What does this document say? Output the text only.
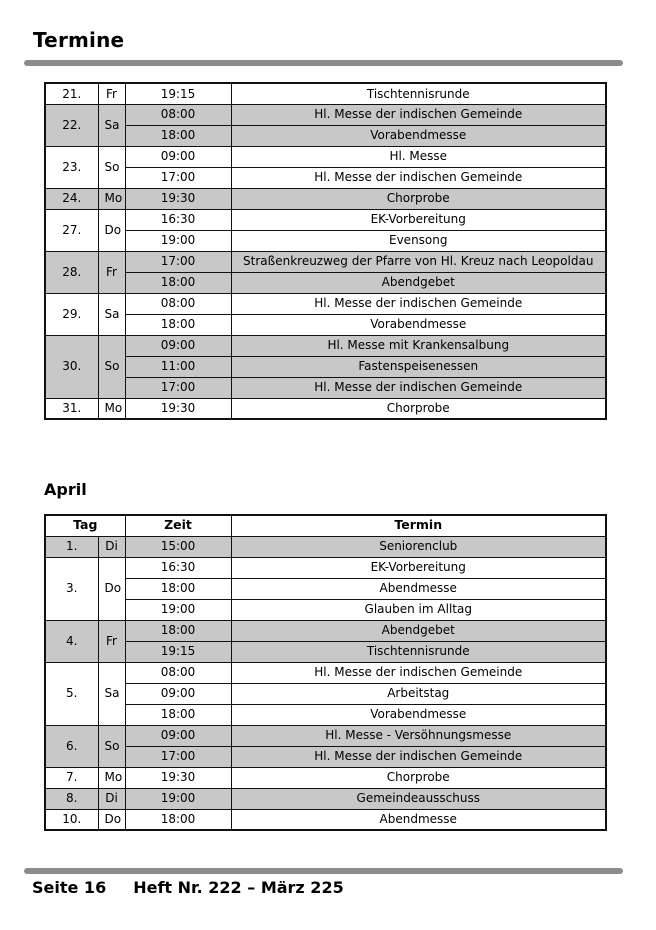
Termine
21.	Fr	19:15	Tischtennisrunde
22.	Sa	08:00	Hl. Messe der indischen Gemeinde
		18:00	Vorabendmesse
23.	So	09:00	Hl. Messe
		17:00	Hl. Messe der indischen Gemeinde
24.	Mo	19:30	Chorprobe
27.	Do	16:30	EK-Vorbereitung
		19:00	Evensong
28.	Fr	17:00	Straßenkreuzweg der Pfarre von Hl. Kreuz nach Leopoldau
		18:00	Abendgebet
29.	Sa	08:00	Hl. Messe der indischen Gemeinde
		18:00	Vorabendmesse
30.	So	09:00	Hl. Messe mit Krankensalbung
		11:00	Fastenspeisenessen
		17:00	Hl. Messe der indischen Gemeinde
31.	Mo	19:30	Chorprobe
April
Tag		Zeit	Termin
1.	Di	15:00	Seniorenclub
3.	Do	16:30	EK-Vorbereitung
		18:00	Abendmesse
		19:00	Glauben im Alltag
4.	Fr	18:00	Abendgebet
		19:15	Tischtennisrunde
5.	Sa	08:00	Hl. Messe der indischen Gemeinde
		09:00	Arbeitstag
		18:00	Vorabendmesse
6.	So	09:00	Hl. Messe - Versöhnungsmesse
		17:00	Hl. Messe der indischen Gemeinde
7.	Mo	19:30	Chorprobe
8.	Di	19:00	Gemeindeausschuss
10.	Do	18:00	Abendmesse
Seite 16 Heft Nr. 222 – März 225
